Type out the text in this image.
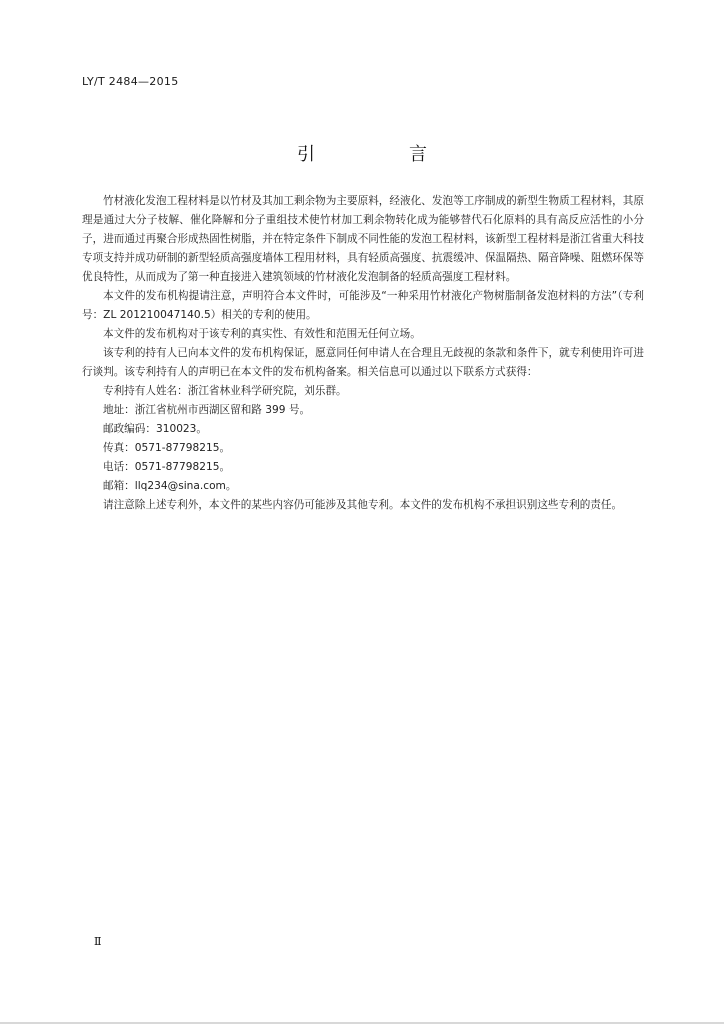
LY/T 2484—2015
引　言

竹材液化发泡工程材料是以竹材及其加工剩余物为主要原料，经液化、发泡等工序制成的新型生物质工程材料，其原理是通过大分子枝解、催化降解和分子重组技术使竹材加工剩余物转化成为能够替代石化原料的具有高反应活性的小分子，进而通过再聚合形成热固性树脂，并在特定条件下制成不同性能的发泡工程材料，该新型工程材料是浙江省重大科技专项支持并成功研制的新型轻质高强度墙体工程用材料，具有轻质高强度、抗震缓冲、保温隔热、隔音降噪、阻燃环保等优良特性，从而成为了第一种直接进入建筑领域的竹材液化发泡制备的轻质高强度工程材料。

本文件的发布机构提请注意，声明符合本文件时，可能涉及“一种采用竹材液化产物树脂制备发泡材料的方法”（专利号：ZL 201210047140.5）相关的专利的使用。

本文件的发布机构对于该专利的真实性、有效性和范围无任何立场。

该专利的持有人已向本文件的发布机构保证，愿意同任何申请人在合理且无歧视的条款和条件下，就专利使用许可进行谈判。该专利持有人的声明已在本文件的发布机构备案。相关信息可以通过以下联系方式获得：

专利持有人姓名：浙江省林业科学研究院，刘乐群。

地址：浙江省杭州市西湖区留和路 399 号。

邮政编码：310023。

传真：0571-87798215。

电话：0571-87798215。

邮箱：llq234@sina.com。

请注意除上述专利外，本文件的某些内容仍可能涉及其他专利。本文件的发布机构不承担识别这些专利的责任。

Ⅱ
